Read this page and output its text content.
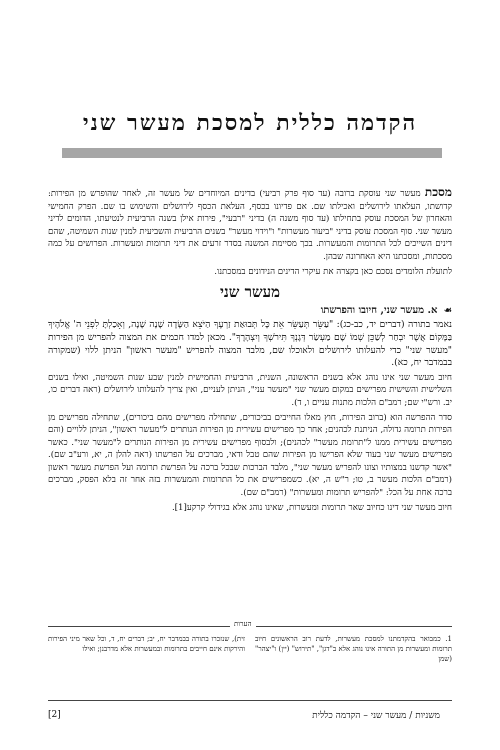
הקדמה כללית למסכת מעשר שני

מסכת מעשר שני עוסקת ברובה (עד סוף פרק רביעי) בדינים המיוחדים של מעשר זה, לאחר שהופרש מן הפירות: קדושתו, העלאתו לירושלים ואכילתו שם. אם פדיונו בכסף, העלאת הכסף לירושלים והשימוש בו שם. הפרק החמישי והאחרון של המסכת עוסק בתחילתו (עד סוף משנה ה) בדיני "רבעי", פירות אילן בשנה הרביעית לנטיעתו, הדומים לדיני מעשר שני. סוף המסכת עוסק בדיני "ביעור מעשרות" ו"וידוי מעשר" בשנים הרביעית והשביעית למנין שנות השמיטה, שהם דינים השייכים לכל התרומות והמעשרות. בכך מסיימת המשנה בסדר זרעים את דיני תרומות ומעשרות. הפרושים על כמה מסכתות, ומסכתנו היא האחרונה שבהן.

לתועלת הלומדים נסכם כאן בקצרה את עיקרי הדינים הנידונים במסכתנו.

מעשר שני
☙ א. מעשר שני, חיובו והפרשתו

נאמר בתורה (דברים יד, כב-כג): "עַשֵּׂר תְּעַשֵּׂר אֵת כָּל תְּבוּאַת זַרְעֶךָ הַיֹּצֵא הַשָּׂדֶה שָׁנָה שָׁנָה, וְאָכַלְתָּ לִפְנֵי ה' אֱלֹהֶיךָ בַּמָּקוֹם אֲשֶׁר יִבְחַר לְשַׁכֵּן שְׁמוֹ שָׁם מַעְשַׂר דְּגָנְךָ תִּירֹשְׁךָ וְיִצְהָרֶךָ". מכאן למדו חכמים את המצוה להפריש מן הפירות "מעשר שני" כדי להעלותו לירושלים ולאוכלו שם, מלבד המצוה להפריש "מעשר ראשון" הניתן ללוי (שמקורה בבמדבר יח, כא).

חיוב מעשר שני אינו נוהג אלא בשנים הראשונה, השנית, הרביעית והחמישית למנין שבע שנות השמיטה, ואילו בשנים השלישית והשישית מפרישים במקום מעשר שני "מעשר עני", הניתן לעניים, ואין צריך להעלותו לירושלים (ראה דברים כו, יב. ורש"י שם; רמב"ם הלכות מתנות עניים ו, ד).

סדר ההפרשה הוא (ברוב הפירות, חוץ מאלו החייבים בביכורים, שתחילה מפרישים מהם ביכורים), שתחילה מפרישים מן הפירות תרומה גדולה, הניתנת לכהנים; אחר כך מפרישים עשירית מן הפירות הנותרים ל"מעשר ראשון", הניתן ללויים (והם מפרישים עשירית ממנו ל"תרומת מעשר" לכהנים); ולבסוף מפרישים עשירית מן הפירות הנותרים ל"מעשר שני". כאשר מפרישים מעשר שני בעוד שלא הפרישו מן הפירות שהם טבל ודאי, מברכים על הפרשתו (ראה להלן ה, יא, ורע"ב שם). "אשר קדשנו במצותיו וצונו להפריש מעשר שני", מלבד הברכות שבכל ברכה על הפרשת תרומה ועל הפרשת מעשר ראשון (רמב"ם הלכות מעשר ב, טו; ר"ש ה, יא). כשמפרישים את כל התרומות והמעשרות בזה אחר זה בלא הפסק, מברכים ברכה אחת על הכל: "להפריש תרומות ומעשרות" (רמב"ם שם).

חיוב מעשר שני דינו כחיוב שאר תרומות ומעשרות, שאינו נוהג אלא בגידולי קרקע[1].

הערות
1. כמבואר בהקדמתנו למסכת מעשרות, לדעת רוב הראשונים חיוב תרומות ומעשרות מן התורה אינו נוהג אלא ב"דגן", "תירוש" (יין) ו"יצהר" (שמן
זית), שנזכרו בתורה בבמדבר יח, יב; דברים יח, ד, וכל שאר מיני הפירות והירקות אינם חייבים בתרומות ובמעשרות אלא מדרבנן; ואילו
משניות / מעשר שני – הקדמה כללית
[2]
